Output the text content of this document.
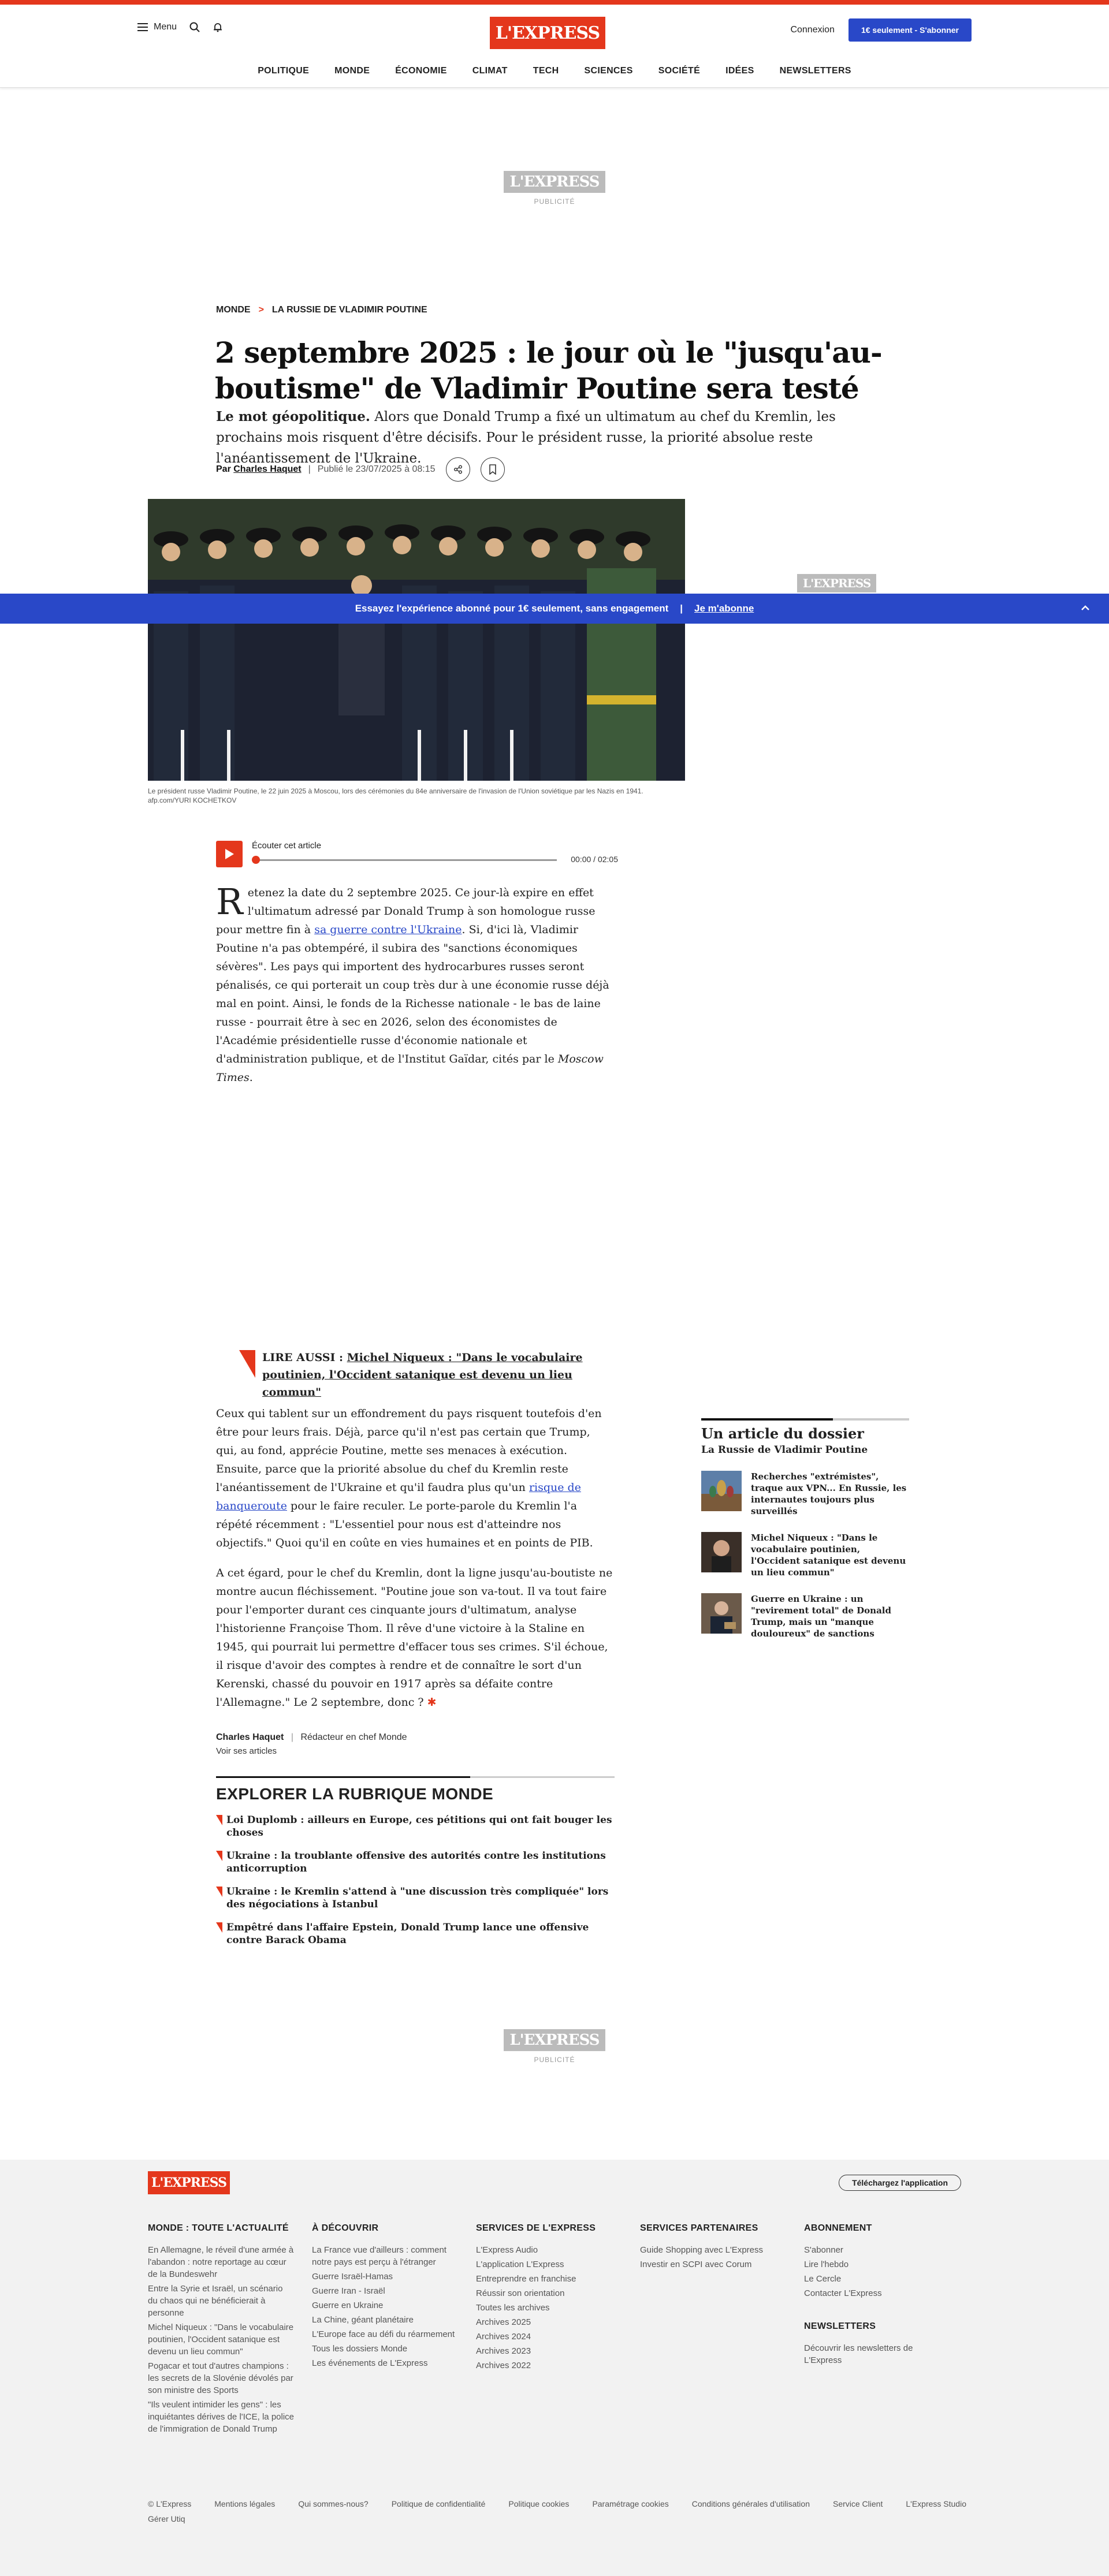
Menu	L'EXPRESS	Connexion	1€ seulement - S'abonner
POLITIQUE	MONDE	ÉCONOMIE	CLIMAT	TECH	SCIENCES	SOCIÉTÉ	IDÉES	NEWSLETTERS
L'EXPRESS
PUBLICITÉ
MONDE > LA RUSSIE DE VLADIMIR POUTINE
2 septembre 2025 : le jour où le "jusqu'au-boutisme" de Vladimir Poutine sera testé

Le mot géopolitique. Alors que Donald Trump a fixé un ultimatum au chef du Kremlin, les prochains mois risquent d'être décisifs. Pour le président russe, la priorité absolue reste l'anéantissement de l'Ukraine.

Par Charles Haquet | Publié le 23/07/2025 à 08:15

Le président russe Vladimir Poutine, le 22 juin 2025 à Moscou, lors des cérémonies du 84e anniversaire de l'invasion de l'Union soviétique par les Nazis en 1941.
afp.com/YURI KOCHETKOV

L'EXPRESS
Essayez l'expérience abonné pour 1€ seulement, sans engagement | Je m'abonne
Écouter cet article
00:00 / 02:05
Retenez la date du 2 septembre 2025. Ce jour-là expire en effet l'ultimatum adressé par Donald Trump à son homologue russe pour mettre fin à sa guerre contre l'Ukraine. Si, d'ici là, Vladimir Poutine n'a pas obtempéré, il subira des "sanctions économiques sévères". Les pays qui importent des hydrocarbures russes seront pénalisés, ce qui porterait un coup très dur à une économie russe déjà mal en point. Ainsi, le fonds de la Richesse nationale - le bas de laine russe - pourrait être à sec en 2026, selon des économistes de l'Académie présidentielle russe d'économie nationale et d'administration publique, et de l'Institut Gaïdar, cités par le Moscow Times.
LIRE AUSSI : Michel Niqueux : "Dans le vocabulaire poutinien, l'Occident satanique est devenu un lieu commun"
Ceux qui tablent sur un effondrement du pays risquent toutefois d'en être pour leurs frais. Déjà, parce qu'il n'est pas certain que Trump, qui, au fond, apprécie Poutine, mette ses menaces à exécution. Ensuite, parce que la priorité absolue du chef du Kremlin reste l'anéantissement de l'Ukraine et qu'il faudra plus qu'un risque de banqueroute pour le faire reculer. Le porte-parole du Kremlin l'a répété récemment : "L'essentiel pour nous est d'atteindre nos objectifs." Quoi qu'il en coûte en vies humaines et en points de PIB.
A cet égard, pour le chef du Kremlin, dont la ligne jusqu'au-boutiste ne montre aucun fléchissement. "Poutine joue son va-tout. Il va tout faire pour l'emporter durant ces cinquante jours d'ultimatum, analyse l'historienne Françoise Thom. Il rêve d'une victoire à la Staline en 1945, qui pourrait lui permettre d'effacer tous ses crimes. S'il échoue, il risque d'avoir des comptes à rendre et de connaître le sort d'un Kerenski, chassé du pouvoir en 1917 après sa défaite contre l'Allemagne." Le 2 septembre, donc ? ✱
Un article du dossier
La Russie de Vladimir Poutine
Recherches "extrémistes", traque aux VPN... En Russie, les internautes toujours plus surveillés
Michel Niqueux : "Dans le vocabulaire poutinien, l'Occident satanique est devenu un lieu commun"
Guerre en Ukraine : un "revirement total" de Donald Trump, mais un "manque douloureux" de sanctions
Charles Haquet | Rédacteur en chef Monde
Voir ses articles
EXPLORER LA RUBRIQUE MONDE
Loi Duplomb : ailleurs en Europe, ces pétitions qui ont fait bouger les choses
Ukraine : la troublante offensive des autorités contre les institutions anticorruption
Ukraine : le Kremlin s'attend à "une discussion très compliquée" lors des négociations à Istanbul
Empêtré dans l'affaire Epstein, Donald Trump lance une offensive contre Barack Obama
L'EXPRESS
PUBLICITÉ
L'EXPRESS	Téléchargez l'application
MONDE : TOUTE L'ACTUALITÉ
En Allemagne, le réveil d'une armée à l'abandon : notre reportage au cœur de la Bundeswehr
Entre la Syrie et Israël, un scénario du chaos qui ne bénéficierait à personne
Michel Niqueux : "Dans le vocabulaire poutinien, l'Occident satanique est devenu un lieu commun"
Pogacar et tout d'autres champions : les secrets de la Slovénie dévolés par son ministre des Sports
"Ils veulent intimider les gens" : les inquiétantes dérives de l'ICE, la police de l'immigration de Donald Trump
À DÉCOUVRIR
La France vue d'ailleurs : comment notre pays est perçu à l'étranger
Guerre Israël-Hamas
Guerre Iran - Israël
Guerre en Ukraine
La Chine, géant planétaire
L'Europe face au défi du réarmement
Tous les dossiers Monde
Les événements de L'Express
SERVICES DE L'EXPRESS
L'Express Audio
L'application L'Express
Entreprendre en franchise
Réussir son orientation
Toutes les archives
Archives 2025
Archives 2024
Archives 2023
Archives 2022
SERVICES PARTENAIRES
Guide Shopping avec L'Express
Investir en SCPI avec Corum
ABONNEMENT
S'abonner
Lire l'hebdo
Le Cercle
Contacter L'Express
NEWSLETTERS
Découvrir les newsletters de L'Express
© L'Express	Mentions légales	Qui sommes-nous?	Politique de confidentialité	Politique cookies	Paramétrage cookies	Conditions générales d'utilisation	Service Client	L'Express Studio
Gérer Utiq
